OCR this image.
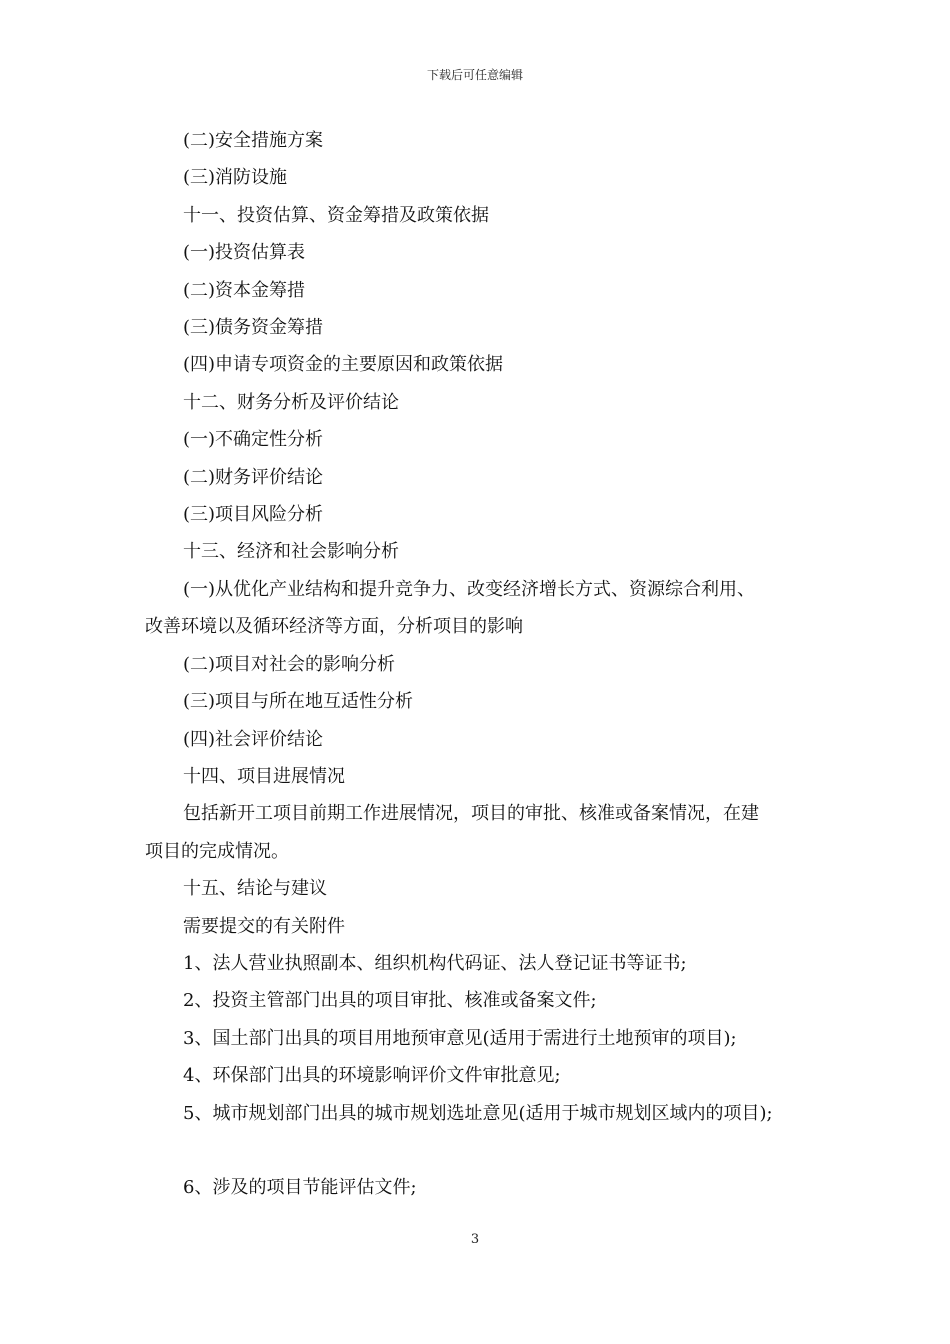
下载后可任意编辑

(二)安全措施方案

(三)消防设施

十一、投资估算、资金筹措及政策依据

(一)投资估算表

(二)资本金筹措

(三)债务资金筹措

(四)申请专项资金的主要原因和政策依据

十二、财务分析及评价结论

(一)不确定性分析

(二)财务评价结论

(三)项目风险分析

十三、经济和社会影响分析

(一)从优化产业结构和提升竞争力、改变经济增长方式、资源综合利用、

改善环境以及循环经济等方面，分析项目的影响

(二)项目对社会的影响分析

(三)项目与所在地互适性分析

(四)社会评价结论

十四、项目进展情况

包括新开工项目前期工作进展情况，项目的审批、核准或备案情况，在建

项目的完成情况。

十五、结论与建议

需要提交的有关附件

1、法人营业执照副本、组织机构代码证、法人登记证书等证书;

2、投资主管部门出具的项目审批、核准或备案文件;

3、国土部门出具的项目用地预审意见(适用于需进行土地预审的项目);

4、环保部门出具的环境影响评价文件审批意见;

5、城市规划部门出具的城市规划选址意见(适用于城市规划区域内的项目);

6、涉及的项目节能评估文件;

3
